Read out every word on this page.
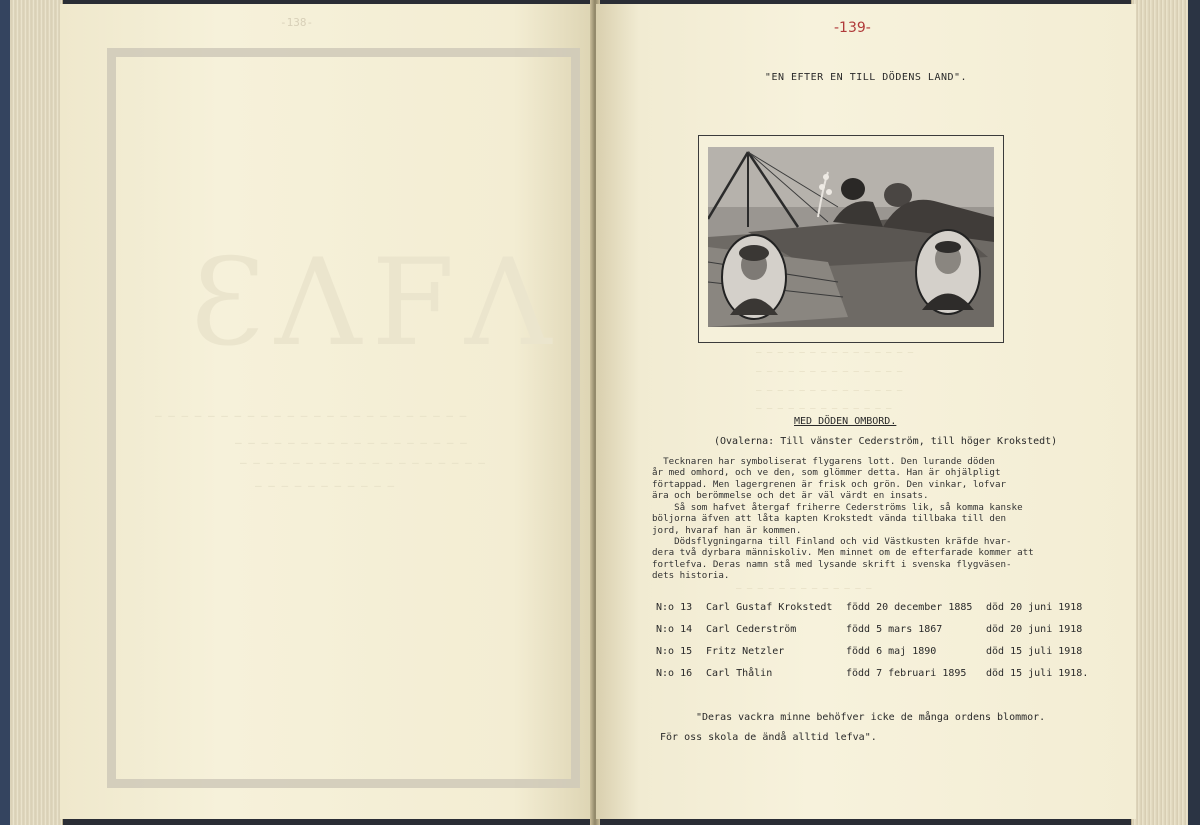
-138-
ƐΛFΛ
― ― ― ― ― ― ― ― ― ― ― ― ― ― ― ― ― ― ― ― ― ― ― ―
― ― ― ― ― ― ― ― ― ― ― ― ― ― ― ― ― ―
― ― ― ― ― ― ― ― ― ― ― ― ― ― ― ― ― ― ―
― ― ― ― ― ― ― ― ― ― ―
-139-
"EN EFTER EN TILL DÖDENS LAND".
― ― ― ― ― ― ― ― ― ― ― ― ― ― ―
― ― ― ― ― ― ― ― ― ― ― ― ― ―
― ― ― ― ― ― ― ― ― ― ― ― ― ―
― ― ― ― ― ― ― ― ― ― ― ― ―
― ― ― ― ― ― ― ― ― ― ― ― ―
MED DÖDEN OMBORD.
(Ovalerna: Till vänster Cederström, till höger Krokstedt)

Tecknaren har symboliserat flygarens lott. Den lurande döden
år med omhord, och ve den, som glömmer detta. Han är ohjälpligt
förtappad. Men lagergrenen är frisk och grön. Den vinkar, lofvar
ära och berömmelse och det är väl värdt en insats.

Så som hafvet återgaf friherre Cederströms lik, så komma kanske
böljorna äfven att låta kapten Krokstedt vända tillbaka till den
jord, hvaraf han är kommen.

Dödsflygningarna till Finland och vid Västkusten kräfde hvar-
dera två dyrbara människoliv. Men minnet om de efterfarade kommer att
fortlefva. Deras namn stå med lysande skrift i svenska flygväsen-
dets historia.

N:o 13 Carl Gustaf Krokstedt född 20 december 1885 död 20 juni 1918
N:o 14 Carl Cederström	född 5 mars 1867	död 20 juni 1918
N:o 15 Fritz Netzler	född 6 maj 1890	död 15 juli 1918
N:o 16 Carl Thålin	född 7 februari 1895 död 15 juli 1918.
"Deras vackra minne behöfver icke de många ordens blommor.
För oss skola de ändå alltid lefva".
